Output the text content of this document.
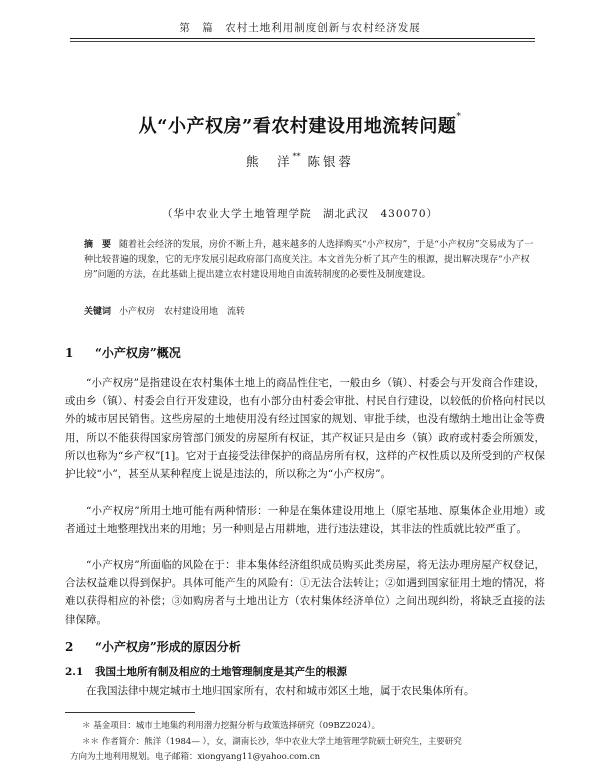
第　篇　农村土地利用制度创新与农村经济发展
从“小产权房”看农村建设用地流转问题*
熊　洋** 陈银蓉
（华中农业大学土地管理学院　湖北武汉　430070）
摘　要 随着社会经济的发展，房价不断上升，越来越多的人选择购买“小产权房”，于是“小产权房”交易成为了一种比较普遍的现象，它的无序发展引起政府部门高度关注。本文首先分析了其产生的根源，提出解决现存“小产权房”问题的方法，在此基础上提出建立农村建设用地自由流转制度的必要性及制度建设。
关键词 小产权房　农村建设用地　流转
1 “小产权房”概况
“小产权房”是指建设在农村集体土地上的商品性住宅，一般由乡（镇）、村委会与开发商合作建设，或由乡（镇）、村委会自行开发建设，也有小部分由村委会审批、村民自行建设，以较低的价格向村民以外的城市居民销售。这些房屋的土地使用没有经过国家的规划、审批手续，也没有缴纳土地出让金等费用，所以不能获得国家房管部门颁发的房屋所有权证，其产权证只是由乡（镇）政府或村委会所颁发，所以也称为“乡产权”[1]。它对于直接受法律保护的商品房所有权，这样的产权性质以及所受到的产权保护比较“小”，甚至从某种程度上说是违法的，所以称之为“小产权房”。
“小产权房”所用土地可能有两种情形：一种是在集体建设用地上（原宅基地、原集体企业用地）或者通过土地整理找出来的用地；另一种则是占用耕地，进行违法建设，其非法的性质就比较严重了。
“小产权房”所面临的风险在于：非本集体经济组织成员购买此类房屋，将无法办理房屋产权登记，合法权益难以得到保护。具体可能产生的风险有：①无法合法转让；②如遇到国家征用土地的情况，将难以获得相应的补偿；③如购房者与土地出让方（农村集体经济单位）之间出现纠纷，将缺乏直接的法律保障。
2 “小产权房”形成的原因分析
2.1 我国土地所有制及相应的土地管理制度是其产生的根源
在我国法律中规定城市土地归国家所有，农村和城市郊区土地，属于农民集体所有。
＊ 基金项目：城市土地集约利用潜力挖掘分析与政策选择研究（09BZ2024）。
＊＊ 作者简介：熊洋（1984— ），女，湖南长沙，华中农业大学土地管理学院硕士研究生，主要研究
方向为土地利用规划。电子邮箱：xiongyang11@yahoo.com.cn
